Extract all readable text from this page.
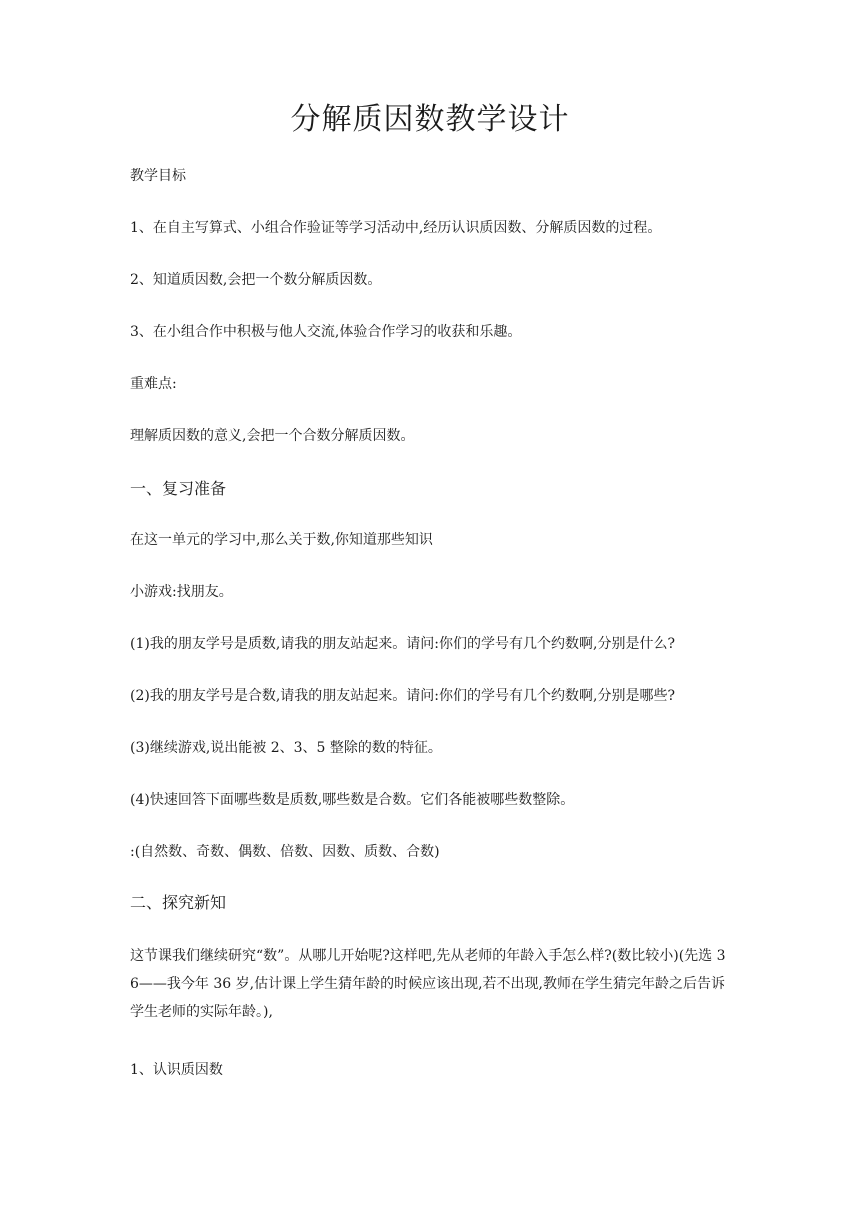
分解质因数教学设计
教学目标
1、在自主写算式、小组合作验证等学习活动中,经历认识质因数、分解质因数的过程。
2、知道质因数,会把一个数分解质因数。
3、在小组合作中积极与他人交流,体验合作学习的收获和乐趣。
重难点:
理解质因数的意义,会把一个合数分解质因数。
一、复习准备
在这一单元的学习中,那么关于数,你知道那些知识
小游戏:找朋友。
(1)我的朋友学号是质数,请我的朋友站起来。请问:你们的学号有几个约数啊,分别是什么?
(2)我的朋友学号是合数,请我的朋友站起来。请问:你们的学号有几个约数啊,分别是哪些?
(3)继续游戏,说出能被 2、3、5 整除的数的特征。
(4)快速回答下面哪些数是质数,哪些数是合数。它们各能被哪些数整除。
:(自然数、奇数、偶数、倍数、因数、质数、合数)
二、探究新知
这节课我们继续研究“数”。从哪儿开始呢?这样吧,先从老师的年龄入手怎么样?(数比较小)(先选 36——我今年 36 岁,估计课上学生猜年龄的时候应该出现,若不出现,教师在学生猜完年龄之后告诉学生老师的实际年龄。),
1、认识质因数
